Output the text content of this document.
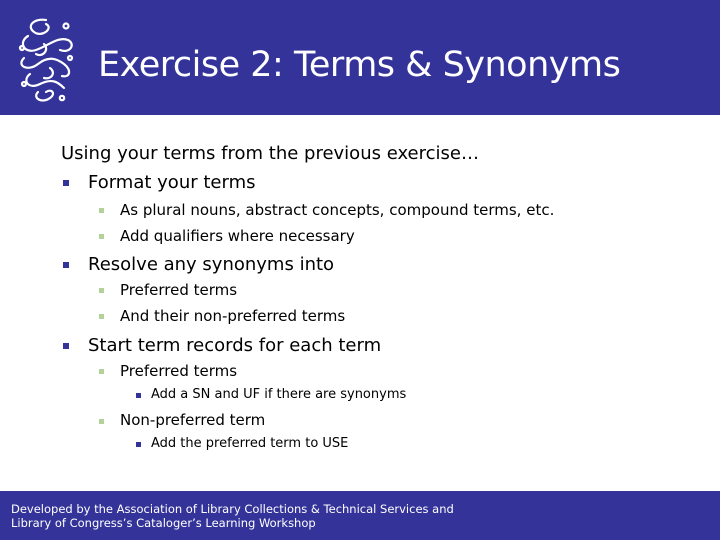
Exercise 2: Terms & Synonyms
Using your terms from the previous exercise…
Format your terms
As plural nouns, abstract concepts, compound terms, etc.
Add qualifiers where necessary
Resolve any synonyms into
Preferred terms
And their non-preferred terms
Start term records for each term
Preferred terms
Add a SN and UF if there are synonyms
Non-preferred term
Add the preferred term to USE
Developed by the Association of Library Collections & Technical Services and
Library of Congress’s Cataloger’s Learning Workshop
